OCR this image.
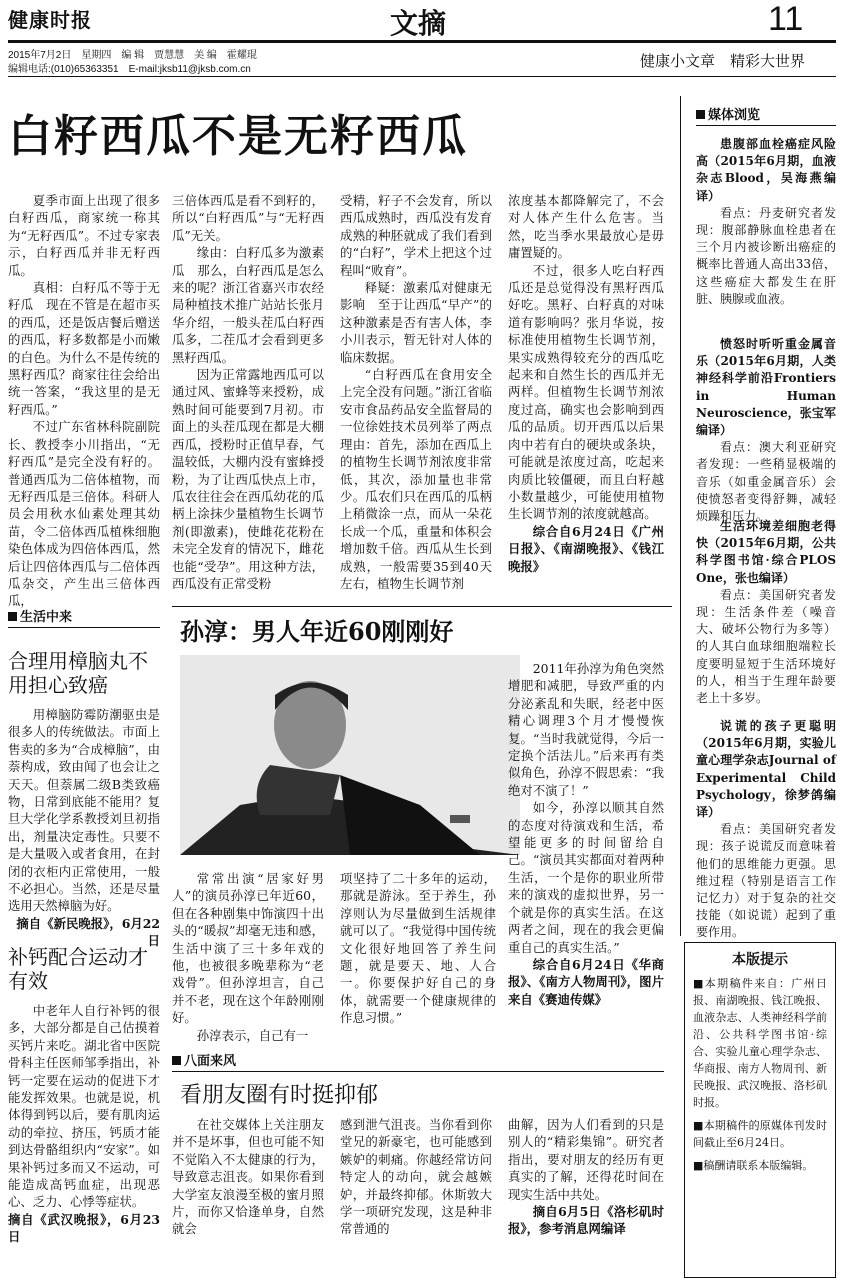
健康时报	文摘	11
2015年7月2日　星期四　编 辑　贾慧慧　美 编　霍耀琨
编辑电话:(010)65363351　E-mail:jksb11@jksb.com.cn	健康小文章　精彩大世界
白籽西瓜不是无籽西瓜

夏季市面上出现了很多白籽西瓜，商家统一称其为“无籽西瓜”。不过专家表示，白籽西瓜并非无籽西瓜。

真相：白籽瓜不等于无籽瓜　现在不管是在超市买的西瓜，还是饭店餐后赠送的西瓜，籽多数都是小而嫩的白色。为什么不是传统的黑籽西瓜？商家往往会给出统一答案，“我这里的是无籽西瓜。”

不过广东省林科院副院长、教授李小川指出，“无籽西瓜”是完全没有籽的。普通西瓜为二倍体植物，而无籽西瓜是三倍体。科研人员会用秋水仙素处理其幼苗，令二倍体西瓜植株细胞染色体成为四倍体西瓜，然后让四倍体西瓜与二倍体西瓜杂交，产生出三倍体西瓜，

三倍体西瓜是看不到籽的，所以“白籽西瓜”与“无籽西瓜”无关。

缘由：白籽瓜多为激素瓜　那么，白籽西瓜是怎么来的呢？浙江省嘉兴市农经局种植技术推广站站长张月华介绍，一般头茬瓜白籽西瓜多，二茬瓜才会看到更多黑籽西瓜。

因为正常露地西瓜可以通过风、蜜蜂等来授粉，成熟时间可能要到7月初。市面上的头茬瓜现在都是大棚西瓜，授粉时正值早春，气温较低，大棚内没有蜜蜂授粉，为了让西瓜快点上市，瓜农往往会在西瓜幼花的瓜柄上涂抹少量植物生长调节剂(即激素)，使雌花花粉在未完全发育的情况下，雌花也能“受孕”。用这种方法，西瓜没有正常受粉

受精，籽子不会发育，所以西瓜成熟时，西瓜没有发育成熟的种胚就成了我们看到的“白籽”，学术上把这个过程叫“败育”。

释疑：激素瓜对健康无影响　至于让西瓜“早产”的这种激素是否有害人体，李小川表示，暂无针对人体的临床数据。

“白籽西瓜在食用安全上完全没有问题。”浙江省临安市食品药品安全监督局的一位徐姓技术员列举了两点理由：首先，添加在西瓜上的植物生长调节剂浓度非常低，其次，添加量也非常少。瓜农们只在西瓜的瓜柄上稍微涂一点，而从一朵花长成一个瓜，重量和体积会增加数千倍。西瓜从生长到成熟，一般需要35到40天左右，植物生长调节剂

浓度基本都降解完了，不会对人体产生什么危害。当然，吃当季水果最放心是毋庸置疑的。

不过，很多人吃白籽西瓜还是总觉得没有黑籽西瓜好吃。黑籽、白籽真的对味道有影响吗？张月华说，按标准使用植物生长调节剂，果实成熟得较充分的西瓜吃起来和自然生长的西瓜并无两样。但植物生长调节剂浓度过高，确实也会影响到西瓜的品质。切开西瓜以后果肉中若有白的硬块或条块，可能就是浓度过高，吃起来肉质比较僵硬，而且白籽越小数量越少，可能使用植物生长调节剂的浓度就越高。

综合自6月24日《广州日报》、《南湖晚报》、《钱江晚报》

生活中来
合理用樟脑丸不用担心致癌

用樟脑防霉防潮驱虫是很多人的传统做法。市面上售卖的多为“合成樟脑”，由萘构成，致由闻了也会让之天天。但萘属二级B类致癌物，日常到底能不能用？复旦大学化学系教授刘旦初指出，剂量决定毒性。只要不是大量吸入或者食用，在封闭的衣柜内正常使用，一般不必担心。当然，还是尽量选用天然樟脑为好。

摘自《新民晚报》，6月22日

补钙配合运动才有效

中老年人自行补钙的很多，大部分都是自己估摸着买钙片来吃。湖北省中医院骨科主任医师邹季指出，补钙一定要在运动的促进下才能发挥效果。也就是说，机体得到钙以后，要有肌肉运动的牵拉、挤压，钙质才能到达骨骼组织内“安家”。如果补钙过多而又不运动，可能造成高钙血症，出现恶心、乏力、心悸等症状。

摘自《武汉晚报》，6月23日

孙淳：男人年近60刚刚好

常常出演“居家好男人”的演员孙淳已年近60，但在各种剧集中饰演四十出头的“暖叔”却毫无违和感，生活中演了三十多年戏的他，也被很多晚辈称为“老戏骨”。但孙淳坦言，自己并不老，现在这个年龄刚刚好。

孙淳表示，自己有一

项坚持了二十多年的运动，那就是游泳。至于养生，孙淳则认为尽量做到生活规律就可以了。“我觉得中国传统文化很好地回答了养生问题，就是要天、地、人合一。你要保护好自己的身体，就需要一个健康规律的作息习惯。”

2011年孙淳为角色突然增肥和减肥，导致严重的内分泌紊乱和失眠，经老中医精心调理3个月才慢慢恢复。“当时我就觉得，今后一定换个活法儿。”后来再有类似角色，孙淳不假思索：“我绝对不演了！”

如今，孙淳以顺其自然的态度对待演戏和生活，希望能更多的时间留给自己。“演员其实都面对着两种生活，一个是你的职业所带来的演戏的虚拟世界，另一个就是你的真实生活。在这两者之间，现在的我会更偏重自己的真实生活。”

综合自6月24日《华商报》、《南方人物周刊》，图片来自《赛迪传媒》

八面来风
看朋友圈有时挺抑郁

在社交媒体上关注朋友并不是坏事，但也可能不知不觉陷入不太健康的行为，导致意志沮丧。如果你看到大学室友浪漫至极的蜜月照片，而你又恰逢单身，自然就会

感到泄气沮丧。当你看到你堂兄的新豪宅，也可能感到嫉妒的刺痛。你越经常访问特定人的动向，就会越嫉妒，并最终抑郁。休斯敦大学一项研究发现，这是种非常普通的

曲解，因为人们看到的只是别人的“精彩集锦”。研究者指出，要对朋友的经历有更真实的了解，还得花时间在现实生活中共处。

摘自6月5日《洛杉矶时报》，参考消息网编译

媒体浏览

患腹部血栓癌症风险高（2015年6月期，血液杂志Blood，吴海燕编译）

看点：丹麦研究者发现：腹部静脉血栓患者在三个月内被诊断出癌症的概率比普通人高出33倍，这些癌症大都发生在肝脏、胰腺或血液。

愤怒时听听重金属音乐（2015年6月期，人类神经科学前沿Frontiers in Human Neuroscience，张宝军编译）

看点：澳大利亚研究者发现：一些稍显极端的音乐（如重金属音乐）会使愤怒者变得舒舞，减轻烦躁和压力。

生活环境差细胞老得快（2015年6月期，公共科学图书馆·综合PLOS One，张也编译）

看点：美国研究者发现：生活条件差（噪音大、破坏公物行为多等）的人其白血球细胞端粒长度要明显短于生活环境好的人，相当于生理年龄要老上十多岁。

说谎的孩子更聪明（2015年6月期，实验儿童心理学杂志Journal of Experimental Child Psychology，徐梦鸽编译）

看点：美国研究者发现：孩子说谎反而意味着他们的思维能力更强。思维过程（特别是语言工作记忆力）对于复杂的社交技能（如说谎）起到了重要作用。

本版提示

■本期稿件来自：广州日报、南湖晚报、钱江晚报、血液杂志、人类神经科学前沿、公共科学图书馆·综合、实验儿童心理学杂志、华商报、南方人物周刊、新民晚报、武汉晚报、洛杉矶时报。

■本期稿件的原媒体刊发时间截止至6月24日。

■稿酬请联系本版编辑。
